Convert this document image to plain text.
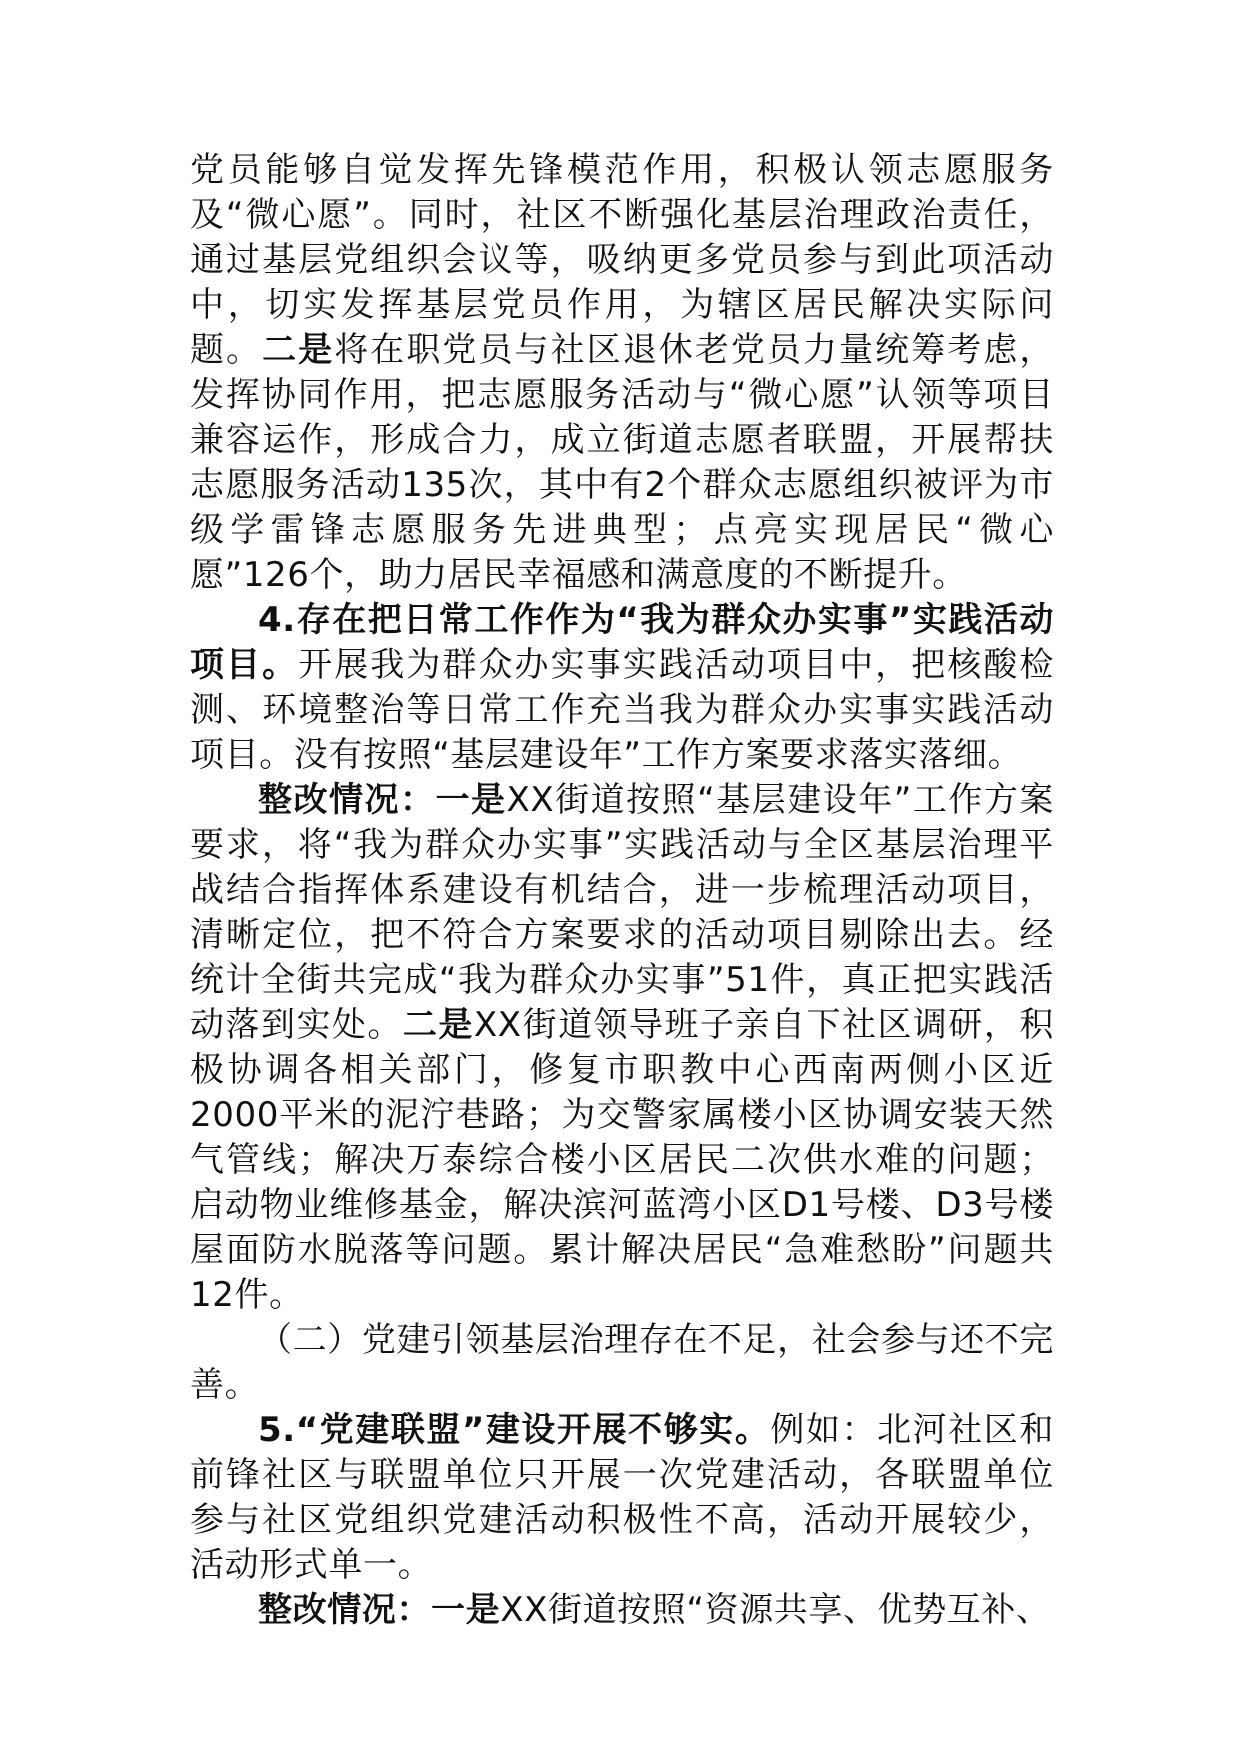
党员能够自觉发挥先锋模范作用，积极认领志愿服务及“微心愿”。同时，社区不断强化基层治理政治责任，通过基层党组织会议等，吸纳更多党员参与到此项活动中，切实发挥基层党员作用，为辖区居民解决实际问题。二是将在职党员与社区退休老党员力量统筹考虑，发挥协同作用，把志愿服务活动与“微心愿”认领等项目兼容运作，形成合力，成立街道志愿者联盟，开展帮扶志愿服务活动135次，其中有2个群众志愿组织被评为市级学雷锋志愿服务先进典型；点亮实现居民“微心愿”126个，助力居民幸福感和满意度的不断提升。

4.存在把日常工作作为“我为群众办实事”实践活动项目。开展我为群众办实事实践活动项目中，把核酸检测、环境整治等日常工作充当我为群众办实事实践活动项目。没有按照“基层建设年”工作方案要求落实落细。

整改情况：一是XX街道按照“基层建设年”工作方案要求，将“我为群众办实事”实践活动与全区基层治理平战结合指挥体系建设有机结合，进一步梳理活动项目，清晰定位，把不符合方案要求的活动项目剔除出去。经统计全街共完成“我为群众办实事”51件，真正把实践活动落到实处。二是XX街道领导班子亲自下社区调研，积极协调各相关部门，修复市职教中心西南两侧小区近2000平米的泥泞巷路；为交警家属楼小区协调安装天然气管线；解决万泰综合楼小区居民二次供水难的问题；启动物业维修基金，解决滨河蓝湾小区D1号楼、D3号楼屋面防水脱落等问题。累计解决居民“急难愁盼”问题共12件。

（二）党建引领基层治理存在不足，社会参与还不完善。

5.“党建联盟”建设开展不够实。例如：北河社区和前锋社区与联盟单位只开展一次党建活动，各联盟单位参与社区党组织党建活动积极性不高，活动开展较少，活动形式单一。

整改情况：一是XX街道按照“资源共享、优势互补、
